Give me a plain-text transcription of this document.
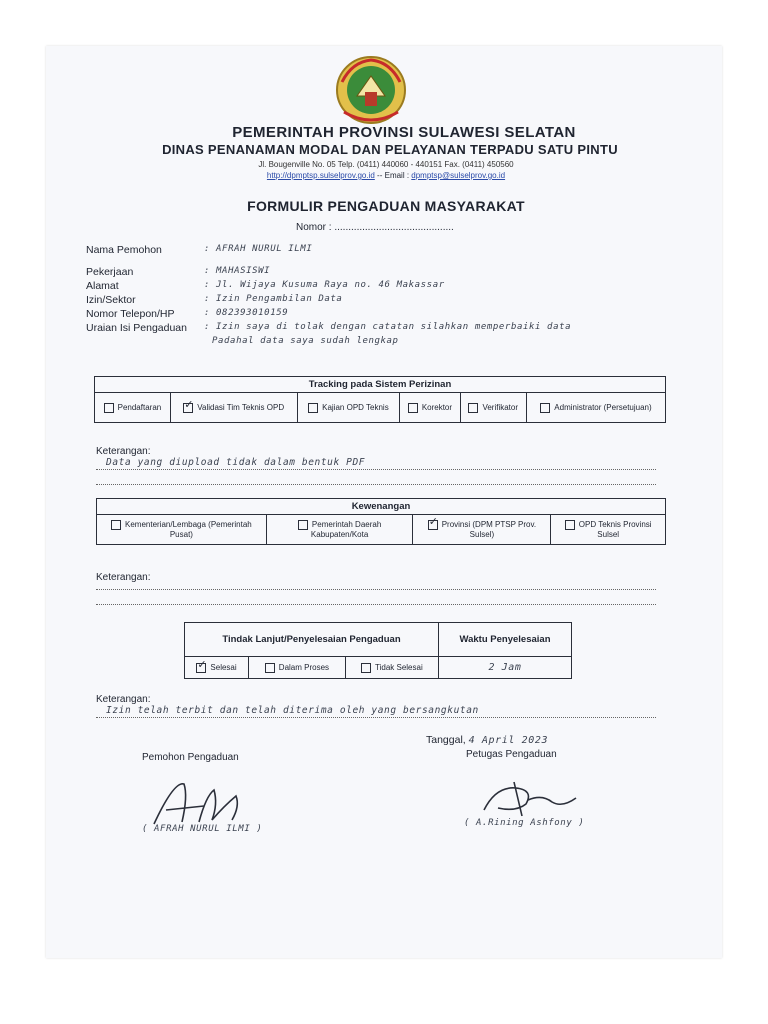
PEMERINTAH PROVINSI SULAWESI SELATAN
DINAS PENANAMAN MODAL DAN PELAYANAN TERPADU SATU PINTU
Jl. Bougenville No. 05 Telp. (0411) 440060 - 440151 Fax. (0411) 450560
http://dpmptsp.sulselprov.go.id -- Email : dpmptsp@sulselprov.go.id
FORMULIR PENGADUAN MASYARAKAT
Nomor : ...........................................
Nama Pemohon	: AFRAH NURUL ILMI
Pekerjaan	: MAHASISWI
Alamat	: Jl. Wijaya Kusuma Raya no. 46 Makassar
Izin/Sektor	: Izin Pengambilan Data
Nomor Telepon/HP	: 082393010159
Uraian Isi Pengaduan : Izin saya di tolak dengan catatan silahkan memperbaiki data
Padahal data saya sudah lengkap
Tracking pada Sistem Perizinan
Pendaftaran	✓Validasi Tim Teknis OPD	Kajian OPD Teknis	Korektor	Verifikator	Administrator (Persetujuan)
Keterangan:
Data yang diupload tidak dalam bentuk PDF
Kewenangan
Kementerian/Lembaga (Pemerintah Pusat)	Pemerintah Daerah Kabupaten/Kota	✓Provinsi (DPM PTSP Prov. Sulsel)	OPD Teknis Provinsi Sulsel
Keterangan:
Tindak Lanjut/Penyelesaian Pengaduan			Waktu Penyelesaian
✓Selesai	Dalam Proses	Tidak Selesai	2 Jam
Keterangan:
Izin telah terbit dan telah diterima oleh yang bersangkutan
Tanggal, 4 April 2023
Pemohon Pengaduan	Petugas Pengaduan
( AFRAH NURUL ILMI )
( A.Rining Ashfony )
